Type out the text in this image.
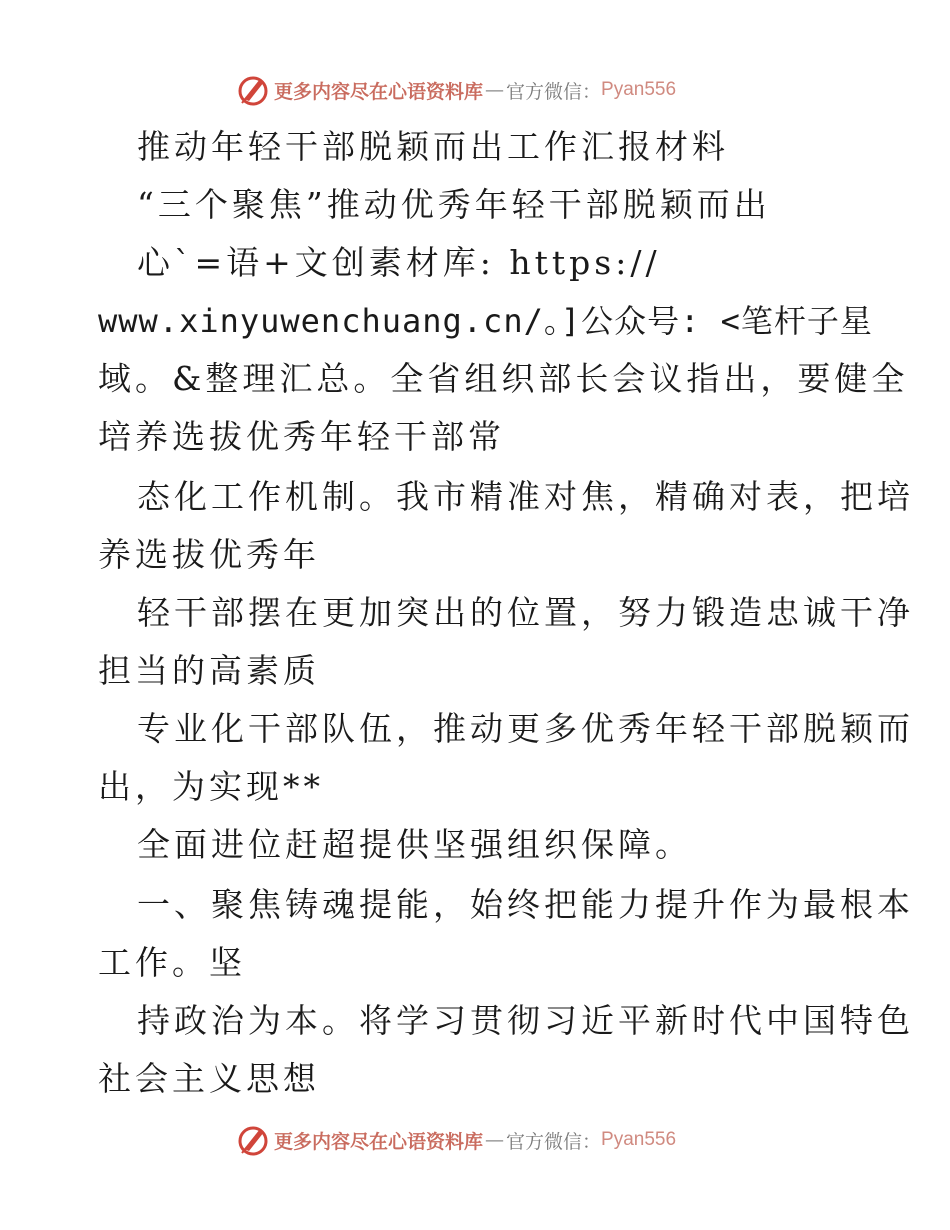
更多内容尽在心语资料库 — 官方微信： Pyan556
推动年轻干部脱颖而出工作汇报材料
“三个聚焦”推动优秀年轻干部脱颖而出
心`=语+文创素材库: https://
www.xinyuwenchuang.cn/。]公众号: <笔杆子星
域。&整理汇总。全省组织部长会议指出，要健全
培养选拔优秀年轻干部常
态化工作机制。我市精准对焦，精确对表，把培
养选拔优秀年
轻干部摆在更加突出的位置，努力锻造忠诚干净
担当的高素质
专业化干部队伍，推动更多优秀年轻干部脱颖而
出，为实现**
全面进位赶超提供坚强组织保障。
一、聚焦铸魂提能，始终把能力提升作为最根本
工作。坚
持政治为本。将学习贯彻习近平新时代中国特色
社会主义思想
更多内容尽在心语资料库 — 官方微信： Pyan556
